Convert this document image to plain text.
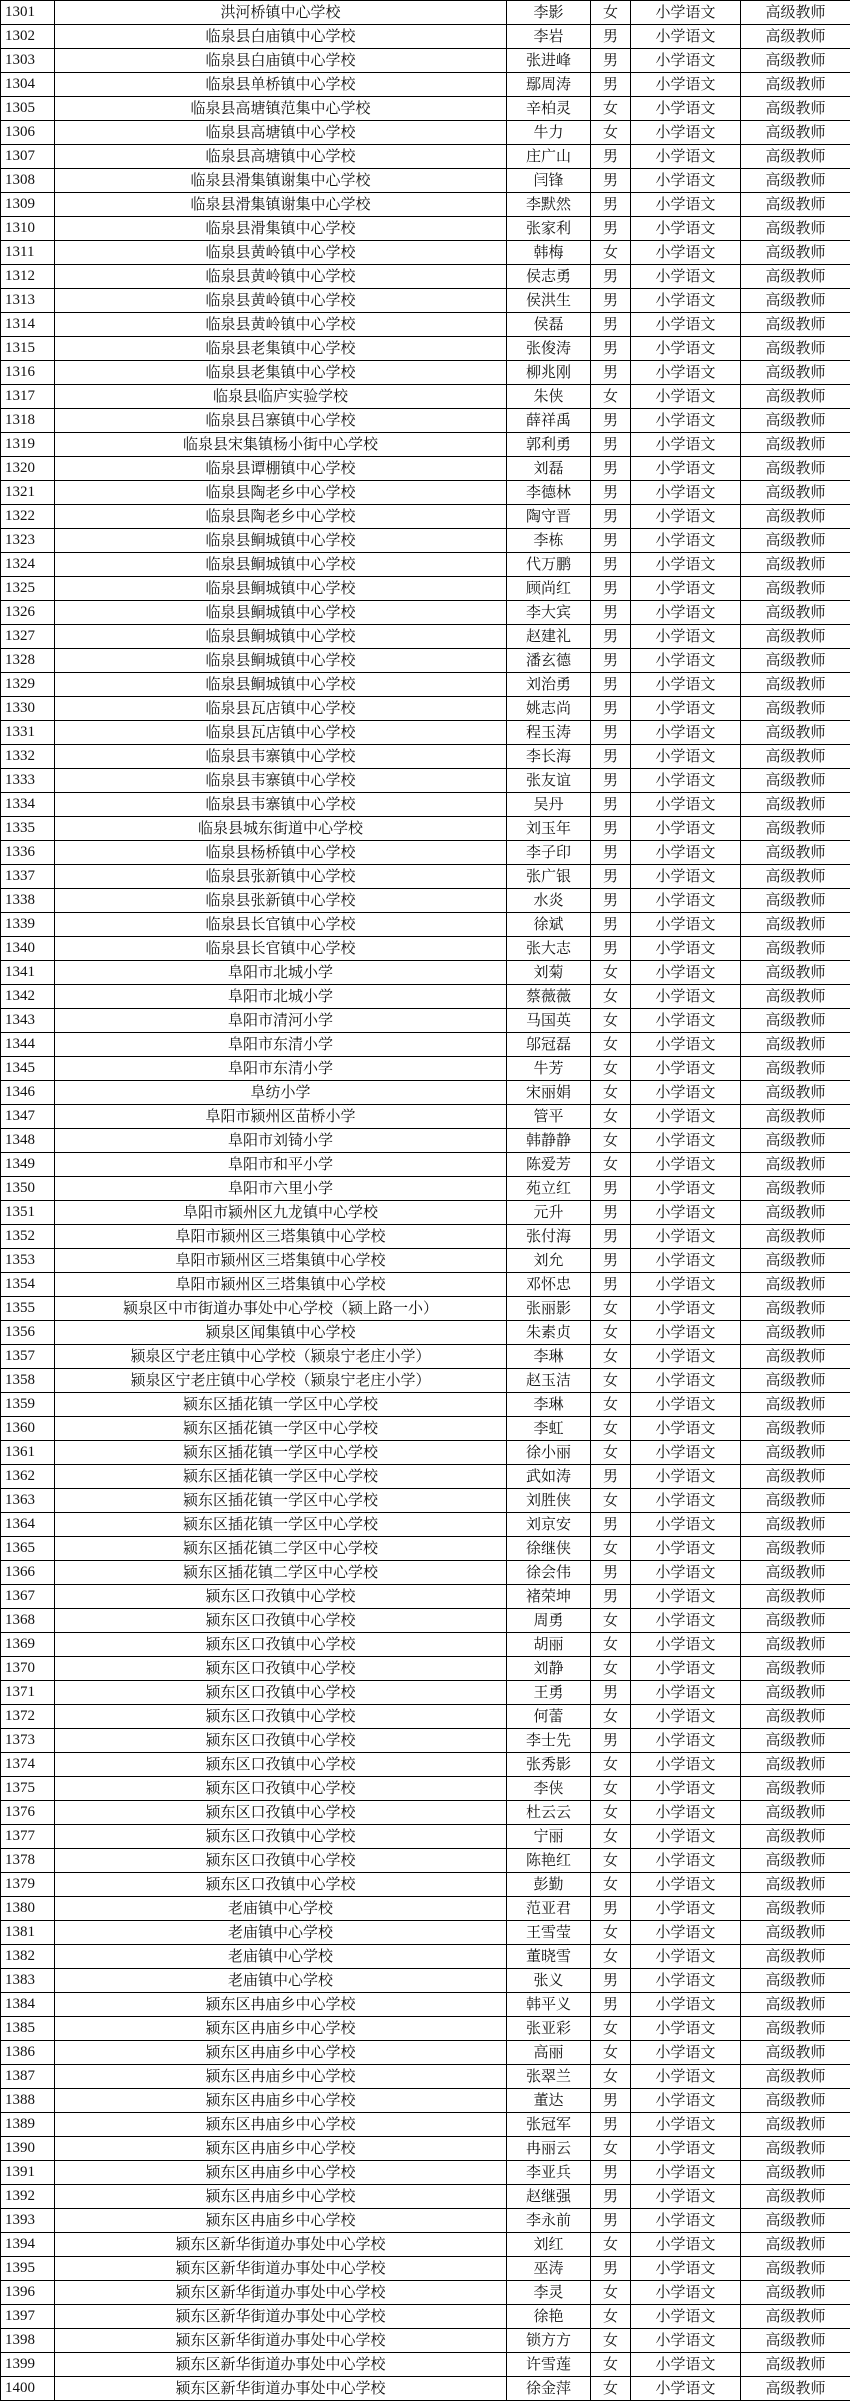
1301	洪河桥镇中心学校	李影	女	小学语文	高级教师
1302	临泉县白庙镇中心学校	李岩	男	小学语文	高级教师
1303	临泉县白庙镇中心学校	张进峰	男	小学语文	高级教师
1304	临泉县单桥镇中心学校	鄢周涛	男	小学语文	高级教师
1305	临泉县高塘镇范集中心学校	辛柏灵	女	小学语文	高级教师
1306	临泉县高塘镇中心学校	牛力	女	小学语文	高级教师
1307	临泉县高塘镇中心学校	庄广山	男	小学语文	高级教师
1308	临泉县滑集镇谢集中心学校	闫锋	男	小学语文	高级教师
1309	临泉县滑集镇谢集中心学校	李默然	男	小学语文	高级教师
1310	临泉县滑集镇中心学校	张家利	男	小学语文	高级教师
1311	临泉县黄岭镇中心学校	韩梅	女	小学语文	高级教师
1312	临泉县黄岭镇中心学校	侯志勇	男	小学语文	高级教师
1313	临泉县黄岭镇中心学校	侯洪生	男	小学语文	高级教师
1314	临泉县黄岭镇中心学校	侯磊	男	小学语文	高级教师
1315	临泉县老集镇中心学校	张俊涛	男	小学语文	高级教师
1316	临泉县老集镇中心学校	柳兆刚	男	小学语文	高级教师
1317	临泉县临庐实验学校	朱侠	女	小学语文	高级教师
1318	临泉县吕寨镇中心学校	薛祥禹	男	小学语文	高级教师
1319	临泉县宋集镇杨小街中心学校	郭利勇	男	小学语文	高级教师
1320	临泉县谭棚镇中心学校	刘磊	男	小学语文	高级教师
1321	临泉县陶老乡中心学校	李德林	男	小学语文	高级教师
1322	临泉县陶老乡中心学校	陶守晋	男	小学语文	高级教师
1323	临泉县鲖城镇中心学校	李栋	男	小学语文	高级教师
1324	临泉县鲖城镇中心学校	代万鹏	男	小学语文	高级教师
1325	临泉县鲖城镇中心学校	顾尚红	男	小学语文	高级教师
1326	临泉县鲖城镇中心学校	李大宾	男	小学语文	高级教师
1327	临泉县鲖城镇中心学校	赵建礼	男	小学语文	高级教师
1328	临泉县鲖城镇中心学校	潘玄德	男	小学语文	高级教师
1329	临泉县鲖城镇中心学校	刘治勇	男	小学语文	高级教师
1330	临泉县瓦店镇中心学校	姚志尚	男	小学语文	高级教师
1331	临泉县瓦店镇中心学校	程玉涛	男	小学语文	高级教师
1332	临泉县韦寨镇中心学校	李长海	男	小学语文	高级教师
1333	临泉县韦寨镇中心学校	张友谊	男	小学语文	高级教师
1334	临泉县韦寨镇中心学校	吴丹	男	小学语文	高级教师
1335	临泉县城东街道中心学校	刘玉年	男	小学语文	高级教师
1336	临泉县杨桥镇中心学校	李子印	男	小学语文	高级教师
1337	临泉县张新镇中心学校	张广银	男	小学语文	高级教师
1338	临泉县张新镇中心学校	水炎	男	小学语文	高级教师
1339	临泉县长官镇中心学校	徐斌	男	小学语文	高级教师
1340	临泉县长官镇中心学校	张大志	男	小学语文	高级教师
1341	阜阳市北城小学	刘菊	女	小学语文	高级教师
1342	阜阳市北城小学	蔡薇薇	女	小学语文	高级教师
1343	阜阳市清河小学	马国英	女	小学语文	高级教师
1344	阜阳市东清小学	邬冠磊	女	小学语文	高级教师
1345	阜阳市东清小学	牛芳	女	小学语文	高级教师
1346	阜纺小学	宋丽娟	女	小学语文	高级教师
1347	阜阳市颍州区苗桥小学	管平	女	小学语文	高级教师
1348	阜阳市刘锜小学	韩静静	女	小学语文	高级教师
1349	阜阳市和平小学	陈爱芳	女	小学语文	高级教师
1350	阜阳市六里小学	苑立红	男	小学语文	高级教师
1351	阜阳市颍州区九龙镇中心学校	元升	男	小学语文	高级教师
1352	阜阳市颍州区三塔集镇中心学校	张付海	男	小学语文	高级教师
1353	阜阳市颍州区三塔集镇中心学校	刘允	男	小学语文	高级教师
1354	阜阳市颍州区三塔集镇中心学校	邓怀忠	男	小学语文	高级教师
1355	颍泉区中市街道办事处中心学校（颍上路一小）	张丽影	女	小学语文	高级教师
1356	颍泉区闻集镇中心学校	朱素贞	女	小学语文	高级教师
1357	颍泉区宁老庄镇中心学校（颍泉宁老庄小学）	李琳	女	小学语文	高级教师
1358	颍泉区宁老庄镇中心学校（颍泉宁老庄小学）	赵玉洁	女	小学语文	高级教师
1359	颍东区插花镇一学区中心学校	李琳	女	小学语文	高级教师
1360	颍东区插花镇一学区中心学校	李虹	女	小学语文	高级教师
1361	颍东区插花镇一学区中心学校	徐小丽	女	小学语文	高级教师
1362	颍东区插花镇一学区中心学校	武如涛	男	小学语文	高级教师
1363	颍东区插花镇一学区中心学校	刘胜侠	女	小学语文	高级教师
1364	颍东区插花镇一学区中心学校	刘京安	男	小学语文	高级教师
1365	颍东区插花镇二学区中心学校	徐继侠	女	小学语文	高级教师
1366	颍东区插花镇二学区中心学校	徐会伟	男	小学语文	高级教师
1367	颍东区口孜镇中心学校	褚荣坤	男	小学语文	高级教师
1368	颍东区口孜镇中心学校	周勇	女	小学语文	高级教师
1369	颍东区口孜镇中心学校	胡丽	女	小学语文	高级教师
1370	颍东区口孜镇中心学校	刘静	女	小学语文	高级教师
1371	颍东区口孜镇中心学校	王勇	男	小学语文	高级教师
1372	颍东区口孜镇中心学校	何蕾	女	小学语文	高级教师
1373	颍东区口孜镇中心学校	李士先	男	小学语文	高级教师
1374	颍东区口孜镇中心学校	张秀影	女	小学语文	高级教师
1375	颍东区口孜镇中心学校	李侠	女	小学语文	高级教师
1376	颍东区口孜镇中心学校	杜云云	女	小学语文	高级教师
1377	颍东区口孜镇中心学校	宁丽	女	小学语文	高级教师
1378	颍东区口孜镇中心学校	陈艳红	女	小学语文	高级教师
1379	颍东区口孜镇中心学校	彭勤	女	小学语文	高级教师
1380	老庙镇中心学校	范亚君	男	小学语文	高级教师
1381	老庙镇中心学校	王雪莹	女	小学语文	高级教师
1382	老庙镇中心学校	董晓雪	女	小学语文	高级教师
1383	老庙镇中心学校	张义	男	小学语文	高级教师
1384	颍东区冉庙乡中心学校	韩平义	男	小学语文	高级教师
1385	颍东区冉庙乡中心学校	张亚彩	女	小学语文	高级教师
1386	颍东区冉庙乡中心学校	高丽	女	小学语文	高级教师
1387	颍东区冉庙乡中心学校	张翠兰	女	小学语文	高级教师
1388	颍东区冉庙乡中心学校	董达	男	小学语文	高级教师
1389	颍东区冉庙乡中心学校	张冠军	男	小学语文	高级教师
1390	颍东区冉庙乡中心学校	冉丽云	女	小学语文	高级教师
1391	颍东区冉庙乡中心学校	李亚兵	男	小学语文	高级教师
1392	颍东区冉庙乡中心学校	赵继强	男	小学语文	高级教师
1393	颍东区冉庙乡中心学校	李永前	男	小学语文	高级教师
1394	颍东区新华街道办事处中心学校	刘红	女	小学语文	高级教师
1395	颍东区新华街道办事处中心学校	巫涛	男	小学语文	高级教师
1396	颍东区新华街道办事处中心学校	李灵	女	小学语文	高级教师
1397	颍东区新华街道办事处中心学校	徐艳	女	小学语文	高级教师
1398	颍东区新华街道办事处中心学校	锁方方	女	小学语文	高级教师
1399	颍东区新华街道办事处中心学校	许雪莲	女	小学语文	高级教师
1400	颍东区新华街道办事处中心学校	徐金萍	女	小学语文	高级教师
